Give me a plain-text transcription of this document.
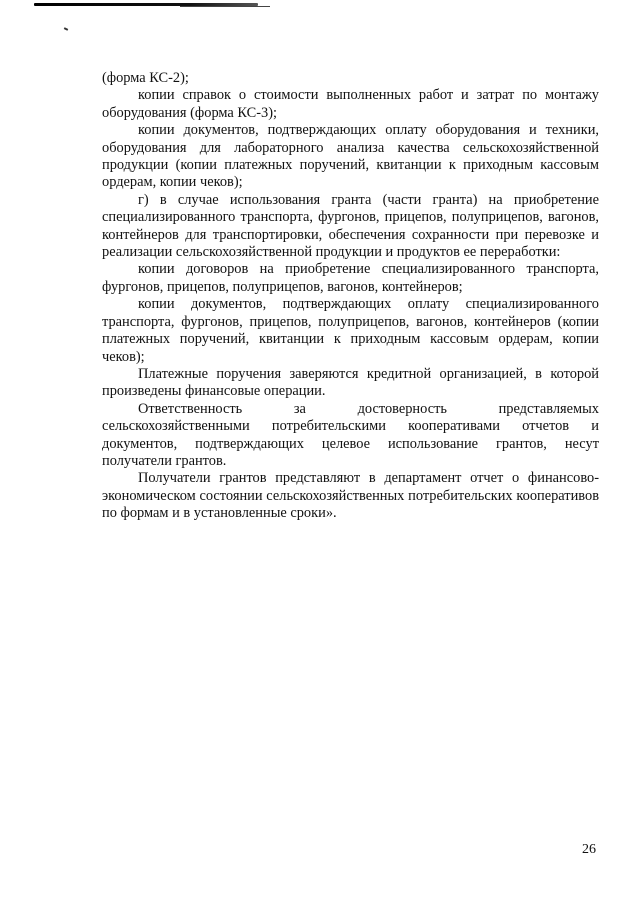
(форма КС-2);

копии справок о стоимости выполненных работ и затрат по монтажу оборудования (форма КС-3);

копии документов, подтверждающих оплату оборудования и техники, оборудования для лабораторного анализа качества сельскохозяйственной продукции (копии платежных поручений, квитанции к приходным кассовым ордерам, копии чеков);

г) в случае использования гранта (части гранта) на приобретение специализированного транспорта, фургонов, прицепов, полуприцепов, вагонов, контейнеров для транспортировки, обеспечения сохранности при перевозке и реализации сельскохозяйственной продукции и продуктов ее переработки:

копии договоров на приобретение специализированного транспорта, фургонов, прицепов, полуприцепов, вагонов, контейнеров;

копии документов, подтверждающих оплату специализированного транспорта, фургонов, прицепов, полуприцепов, вагонов, контейнеров (копии платежных поручений, квитанции к приходным кассовым ордерам, копии чеков);

Платежные поручения заверяются кредитной организацией, в которой произведены финансовые операции.

Ответственность за достоверность представляемых сельскохозяйственными потребительскими кооперативами отчетов и документов, подтверждающих целевое использование грантов, несут получатели грантов.

Получатели грантов представляют в департамент отчет о финансово-экономическом состоянии сельскохозяйственных потребительских кооперативов по формам и в установленные сроки».

26
